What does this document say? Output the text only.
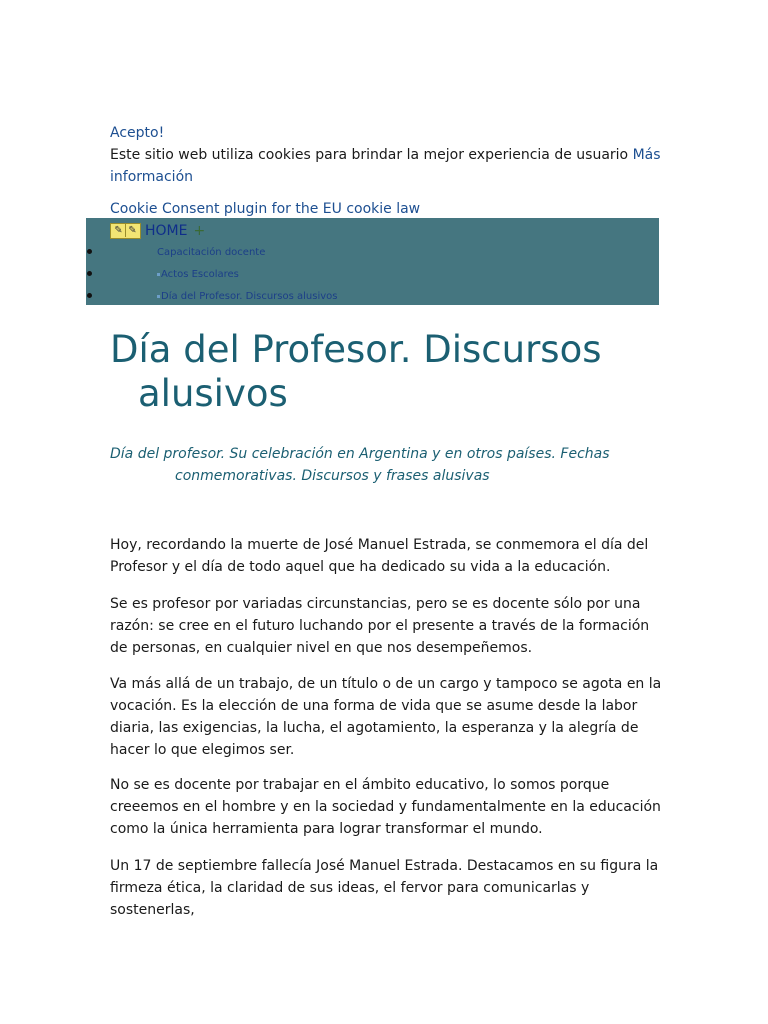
Acepto!
Este sitio web utiliza cookies para brindar la mejor experiencia de usuario Más información
Cookie Consent plugin for the EU cookie law
✎ ✎ HOME +
Capacitación docente
Actos Escolares
Día del Profesor. Discursos alusivos
Día del Profesor. Discursos
alusivos
Día del profesor. Su celebración en Argentina y en otros países. Fechas
conmemorativas. Discursos y frases alusivas

Hoy, recordando la muerte de José Manuel Estrada, se conmemora el día del Profesor y el día de todo aquel que ha dedicado su vida a la educación.

Se es profesor por variadas circunstancias, pero se es docente sólo por una razón: se cree en el futuro luchando por el presente a través de la formación de personas, en cualquier nivel en que nos desempeñemos.

Va más allá de un trabajo, de un título o de un cargo y tampoco se agota en la vocación. Es la elección de una forma de vida que se asume desde la labor diaria, las exigencias, la lucha, el agotamiento, la esperanza y la alegría de hacer lo que elegimos ser.

No se es docente por trabajar en el ámbito educativo, lo somos porque creeemos en el hombre y en la sociedad y fundamentalmente en la educación como la única herramienta para lograr transformar el mundo.

Un 17 de septiembre fallecía José Manuel Estrada. Destacamos en su figura la firmeza ética, la claridad de sus ideas, el fervor para comunicarlas y sostenerlas,
